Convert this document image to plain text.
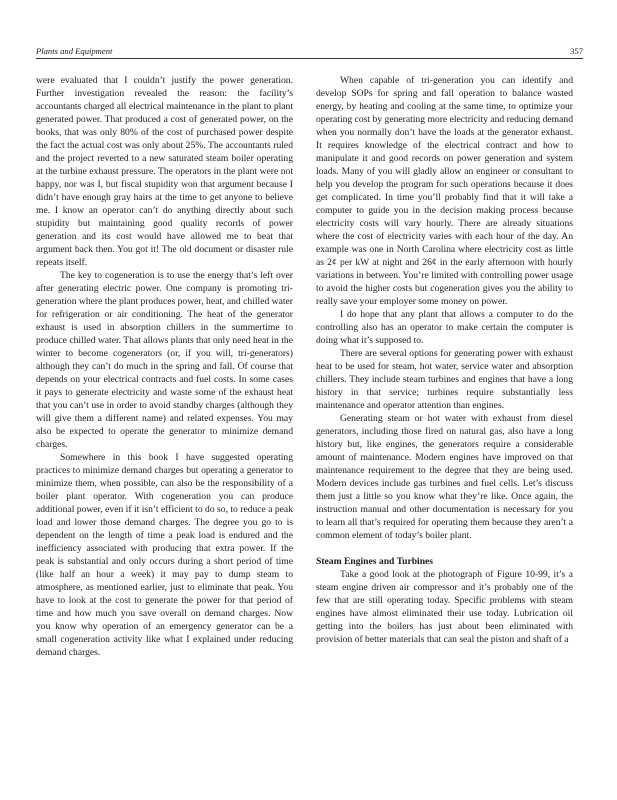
Plants and Equipment	357

were evaluated that I couldn’t justify the power generation. Further investigation revealed the reason: the facility’s accountants charged all electrical maintenance in the plant to plant generated power. That produced a cost of generated power, on the books, that was only 80% of the cost of purchased power despite the fact the actual cost was only about 25%. The accountants ruled and the project reverted to a new saturated steam boiler operating at the turbine exhaust pressure. The operators in the plant were not happy, nor was I, but fiscal stupidity won that argument because I didn’t have enough gray hairs at the time to get anyone to believe me. I know an operator can’t do anything directly about such stupidity but maintaining good quality records of power generation and its cost would have allowed me to beat that argument back then. You got it! The old document or disaster rule repeats itself.

The key to cogeneration is to use the energy that’s left over after generating electric power. One company is promoting tri-generation where the plant produces power, heat, and chilled water for refrigeration or air conditioning. The heat of the generator exhaust is used in absorption chillers in the summertime to produce chilled water. That allows plants that only need heat in the winter to become cogenerators (or, if you will, tri-generators) although they can’t do much in the spring and fall. Of course that depends on your electrical contracts and fuel costs. In some cases it pays to generate electricity and waste some of the exhaust heat that you can’t use in order to avoid standby charges (although they will give them a different name) and related expenses. You may also be expected to operate the generator to minimize demand charges.

Somewhere in this book I have suggested operating practices to minimize demand charges but operating a generator to minimize them, when possible, can also be the responsibility of a boiler plant operator. With cogeneration you can produce additional power, even if it isn’t efficient to do so, to reduce a peak load and lower those demand charges. The degree you go to is dependent on the length of time a peak load is endured and the inefficiency associated with producing that extra power. If the peak is substantial and only occurs during a short period of time (like half an hour a week) it may pay to dump steam to atmosphere, as mentioned earlier, just to eliminate that peak. You have to look at the cost to generate the power for that period of time and how much you save overall on demand charges. Now you know why operation of an emergency generator can be a small cogeneration activity like what I explained under reducing demand charges.

When capable of tri-generation you can identify and develop SOPs for spring and fall operation to balance wasted energy, by heating and cooling at the same time, to optimize your operating cost by generating more electricity and reducing demand when you normally don’t have the loads at the generator exhaust. It requires knowledge of the electrical contract and how to manipulate it and good records on power generation and system loads. Many of you will gladly allow an engineer or consultant to help you develop the program for such operations because it does get complicated. In time you’ll probably find that it will take a computer to guide you in the decision making process because electricity costs will vary hourly. There are already situations where the cost of electricity varies with each hour of the day. An example was one in North Carolina where electricity cost as little as 2¢ per kW at night and 26¢ in the early afternoon with hourly variations in between. You’re limited with controlling power usage to avoid the higher costs but cogeneration gives you the ability to really save your employer some money on power.

I do hope that any plant that allows a computer to do the controlling also has an operator to make certain the computer is doing what it’s supposed to.

There are several options for generating power with exhaust heat to be used for steam, hot water, service water and absorption chillers. They include steam turbines and engines that have a long history in that service; turbines require substantially less maintenance and operator attention than engines.

Generating steam or hot water with exhaust from diesel generators, including those fired on natural gas, also have a long history but, like engines, the generators require a considerable amount of maintenance. Modern engines have improved on that maintenance requirement to the degree that they are being used. Modern devices include gas turbines and fuel cells. Let’s discuss them just a little so you know what they’re like. Once again, the instruction manual and other documentation is necessary for you to learn all that’s required for operating them because they aren’t a common element of today’s boiler plant.

Steam Engines and Turbines

Take a good look at the photograph of Figure 10-99, it’s a steam engine driven air compressor and it’s probably one of the few that are still operating today. Specific problems with steam engines have almost eliminated their use today. Lubrication oil getting into the boilers has just about been eliminated with provision of better materials that can seal the piston and shaft of a
